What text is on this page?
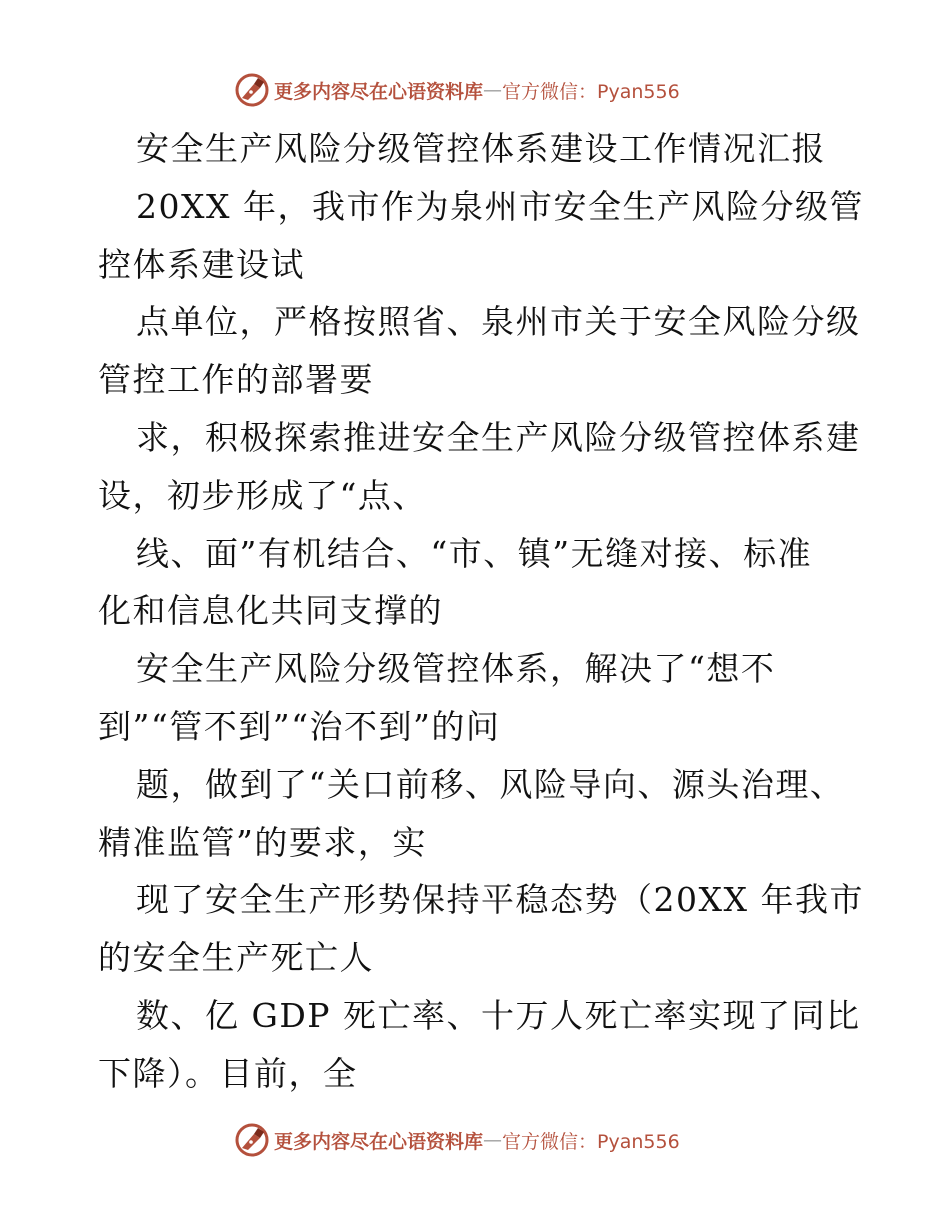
更多内容尽在心语资料库 — 官方微信：Pyan556
安全生产风险分级管控体系建设工作情况汇报
20XX 年，我市作为泉州市安全生产风险分级管
控体系建设试
点单位，严格按照省、泉州市关于安全风险分级
管控工作的部署要
求，积极探索推进安全生产风险分级管控体系建
设，初步形成了“点、
线、面”有机结合、“市、镇”无缝对接、标准
化和信息化共同支撑的
安全生产风险分级管控体系，解决了“想不
到”“管不到”“治不到”的问
题，做到了“关口前移、风险导向、源头治理、
精准监管”的要求，实
现了安全生产形势保持平稳态势（20XX 年我市
的安全生产死亡人
数、亿 GDP 死亡率、十万人死亡率实现了同比
下降）。目前，全
更多内容尽在心语资料库 — 官方微信：Pyan556
